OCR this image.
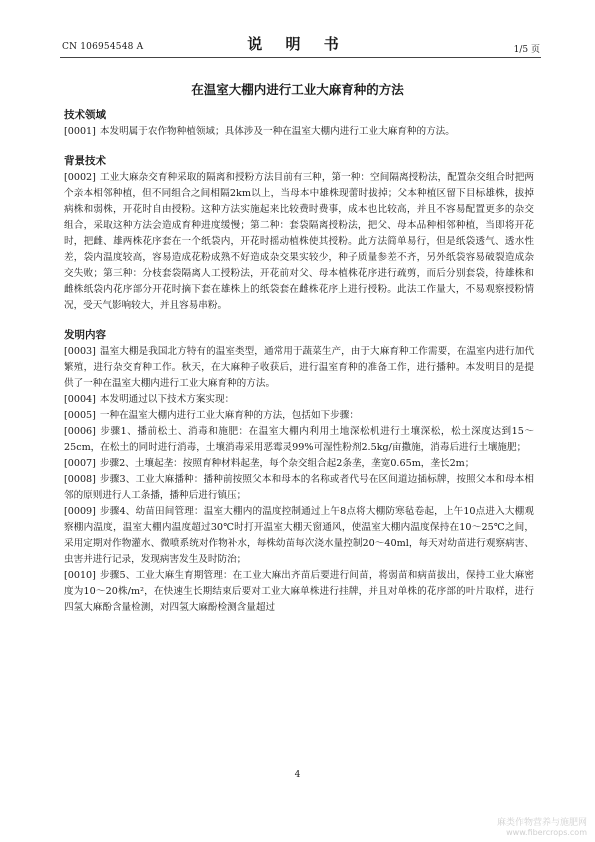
CN 106954548 A	说 明 书	1/5 页
在温室大棚内进行工业大麻育种的方法
技术领域
[0001] 本发明属于农作物种植领域；具体涉及一种在温室大棚内进行工业大麻育种的方法。
背景技术
[0002] 工业大麻杂交育种采取的隔离和授粉方法目前有三种，第一种：空间隔离授粉法，配置杂交组合时把两个亲本相邻种植，但不同组合之间相隔2km以上，当母本中雄株现蕾时拔掉；父本种植区留下目标雄株，拔掉病株和弱株，开花时自由授粉。这种方法实施起来比较费时费事，成本也比较高，并且不容易配置更多的杂交组合，采取这种方法会造成育种进度缓慢；第二种：套袋隔离授粉法，把父、母本品种相邻种植，当即将开花时，把雌、雄两株花序套在一个纸袋内，开花时摇动植株使其授粉。此方法简单易行，但是纸袋透气、透水性差，袋内温度较高，容易造成花粉成熟不好造成杂交果实较少，种子质量参差不齐，另外纸袋容易破裂造成杂交失败；第三种：分枝套袋隔离人工授粉法，开花前对父、母本植株花序进行疏剪，而后分别套袋，待雄株和雌株纸袋内花序部分开花时摘下套在雄株上的纸袋套在雌株花序上进行授粉。此法工作量大，不易观察授粉情况，受天气影响较大，并且容易串粉。
发明内容
[0003] 温室大棚是我国北方特有的温室类型，通常用于蔬菜生产，由于大麻育种工作需要，在温室内进行加代繁殖，进行杂交育种工作。秋天，在大麻种子收获后，进行温室育种的准备工作，进行播种。本发明目的是提供了一种在温室大棚内进行工业大麻育种的方法。
[0004] 本发明通过以下技术方案实现：
[0005] 一种在温室大棚内进行工业大麻育种的方法，包括如下步骤：
[0006] 步骤1、播前松土、消毒和施肥：在温室大棚内利用土地深松机进行土壤深松，松土深度达到15～25cm，在松土的同时进行消毒，土壤消毒采用恶霉灵99%可湿性粉剂2.5kg/亩撒施，消毒后进行土壤施肥；
[0007] 步骤2、土壤起垄：按照育种材料起垄，每个杂交组合起2条垄，垄宽0.65m，垄长2m；
[0008] 步骤3、工业大麻播种：播种前按照父本和母本的名称或者代号在区间道边插标牌，按照父本和母本相邻的原则进行人工条播，播种后进行镇压；
[0009] 步骤4、幼苗田间管理：温室大棚内的温度控制通过上午8点将大棚防寒毡卷起，上午10点进入大棚观察棚内温度，温室大棚内温度超过30℃时打开温室大棚天窗通风，使温室大棚内温度保持在10～25℃之间，采用定期对作物灌水、微喷系统对作物补水，每株幼苗每次浇水量控制20～40ml，每天对幼苗进行观察病害、虫害并进行记录，发现病害发生及时防治；
[0010] 步骤5、工业大麻生育期管理：在工业大麻出齐苗后要进行间苗，将弱苗和病苗拔出，保持工业大麻密度为10～20株/m²，在快速生长期结束后要对工业大麻单株进行挂牌，并且对单株的花序部的叶片取样，进行四氢大麻酚含量检测，对四氢大麻酚检测含量超过
4
麻类作物营养与施肥网
www.fibercrops.com
